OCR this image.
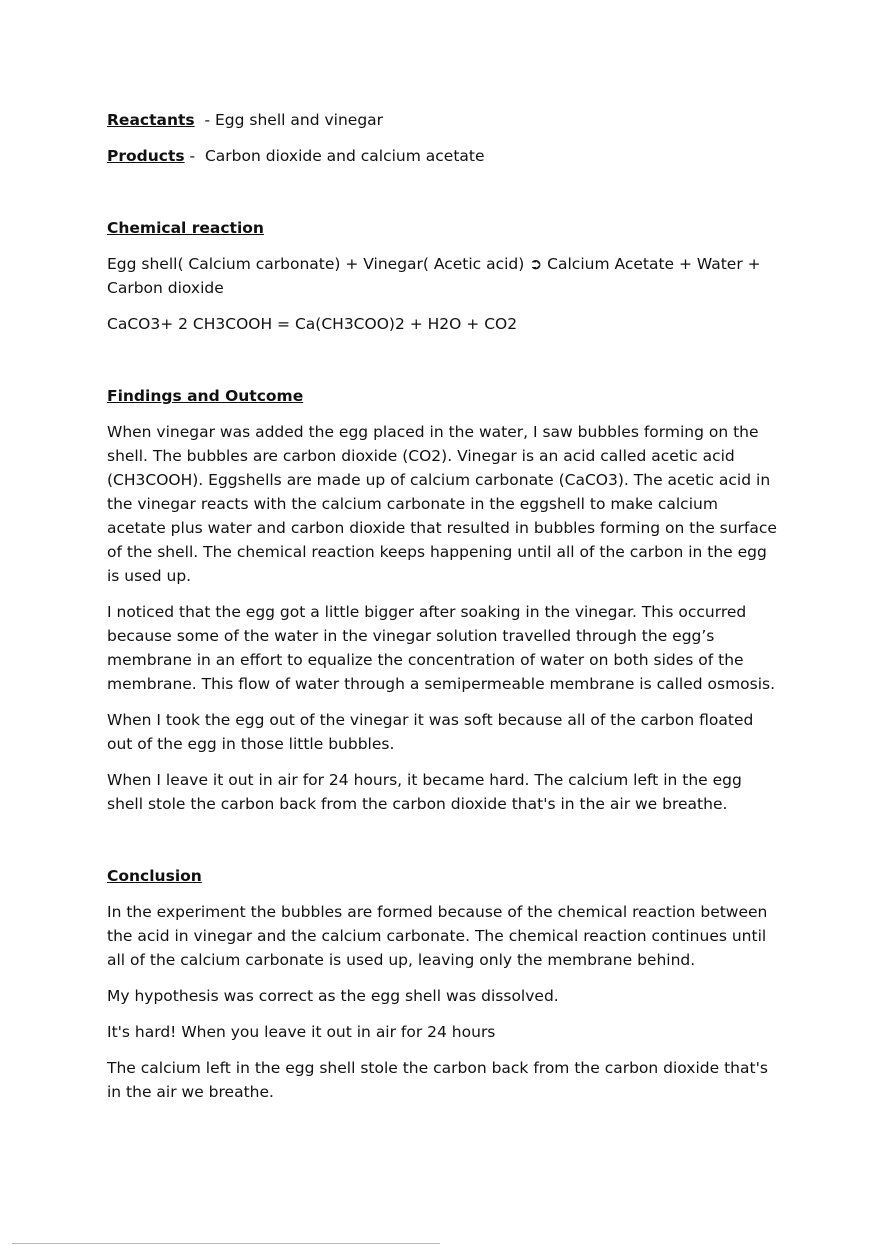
Reactants  - Egg shell and vinegar

Products -  Carbon dioxide and calcium acetate

Chemical reaction

Egg shell( Calcium carbonate) + Vinegar( Acetic acid) ➲ Calcium Acetate + Water + Carbon dioxide

CaCO3+ 2 CH3COOH = Ca(CH3COO)2 + H2O + CO2

Findings and Outcome

When vinegar was added the egg placed in the water, I saw bubbles forming on the shell. The bubbles are carbon dioxide (CO2). Vinegar is an acid called acetic acid (CH3COOH). Eggshells are made up of calcium carbonate (CaCO3). The acetic acid in the vinegar reacts with the calcium carbonate in the eggshell to make calcium acetate plus water and carbon dioxide that resulted in bubbles forming on the surface of the shell. The chemical reaction keeps happening until all of the carbon in the egg is used up.

I noticed that the egg got a little bigger after soaking in the vinegar. This occurred because some of the water in the vinegar solution travelled through the egg’s membrane in an effort to equalize the concentration of water on both sides of the membrane. This flow of water through a semipermeable membrane is called osmosis.

When I took the egg out of the vinegar it was soft because all of the carbon floated out of the egg in those little bubbles.

When I leave it out in air for 24 hours, it became hard. The calcium left in the egg shell stole the carbon back from the carbon dioxide that's in the air we breathe.

Conclusion

In the experiment the bubbles are formed because of the chemical reaction between the acid in vinegar and the calcium carbonate. The chemical reaction continues until all of the calcium carbonate is used up, leaving only the membrane behind.

My hypothesis was correct as the egg shell was dissolved.

It's hard! When you leave it out in air for 24 hours

The calcium left in the egg shell stole the carbon back from the carbon dioxide that's in the air we breathe.
